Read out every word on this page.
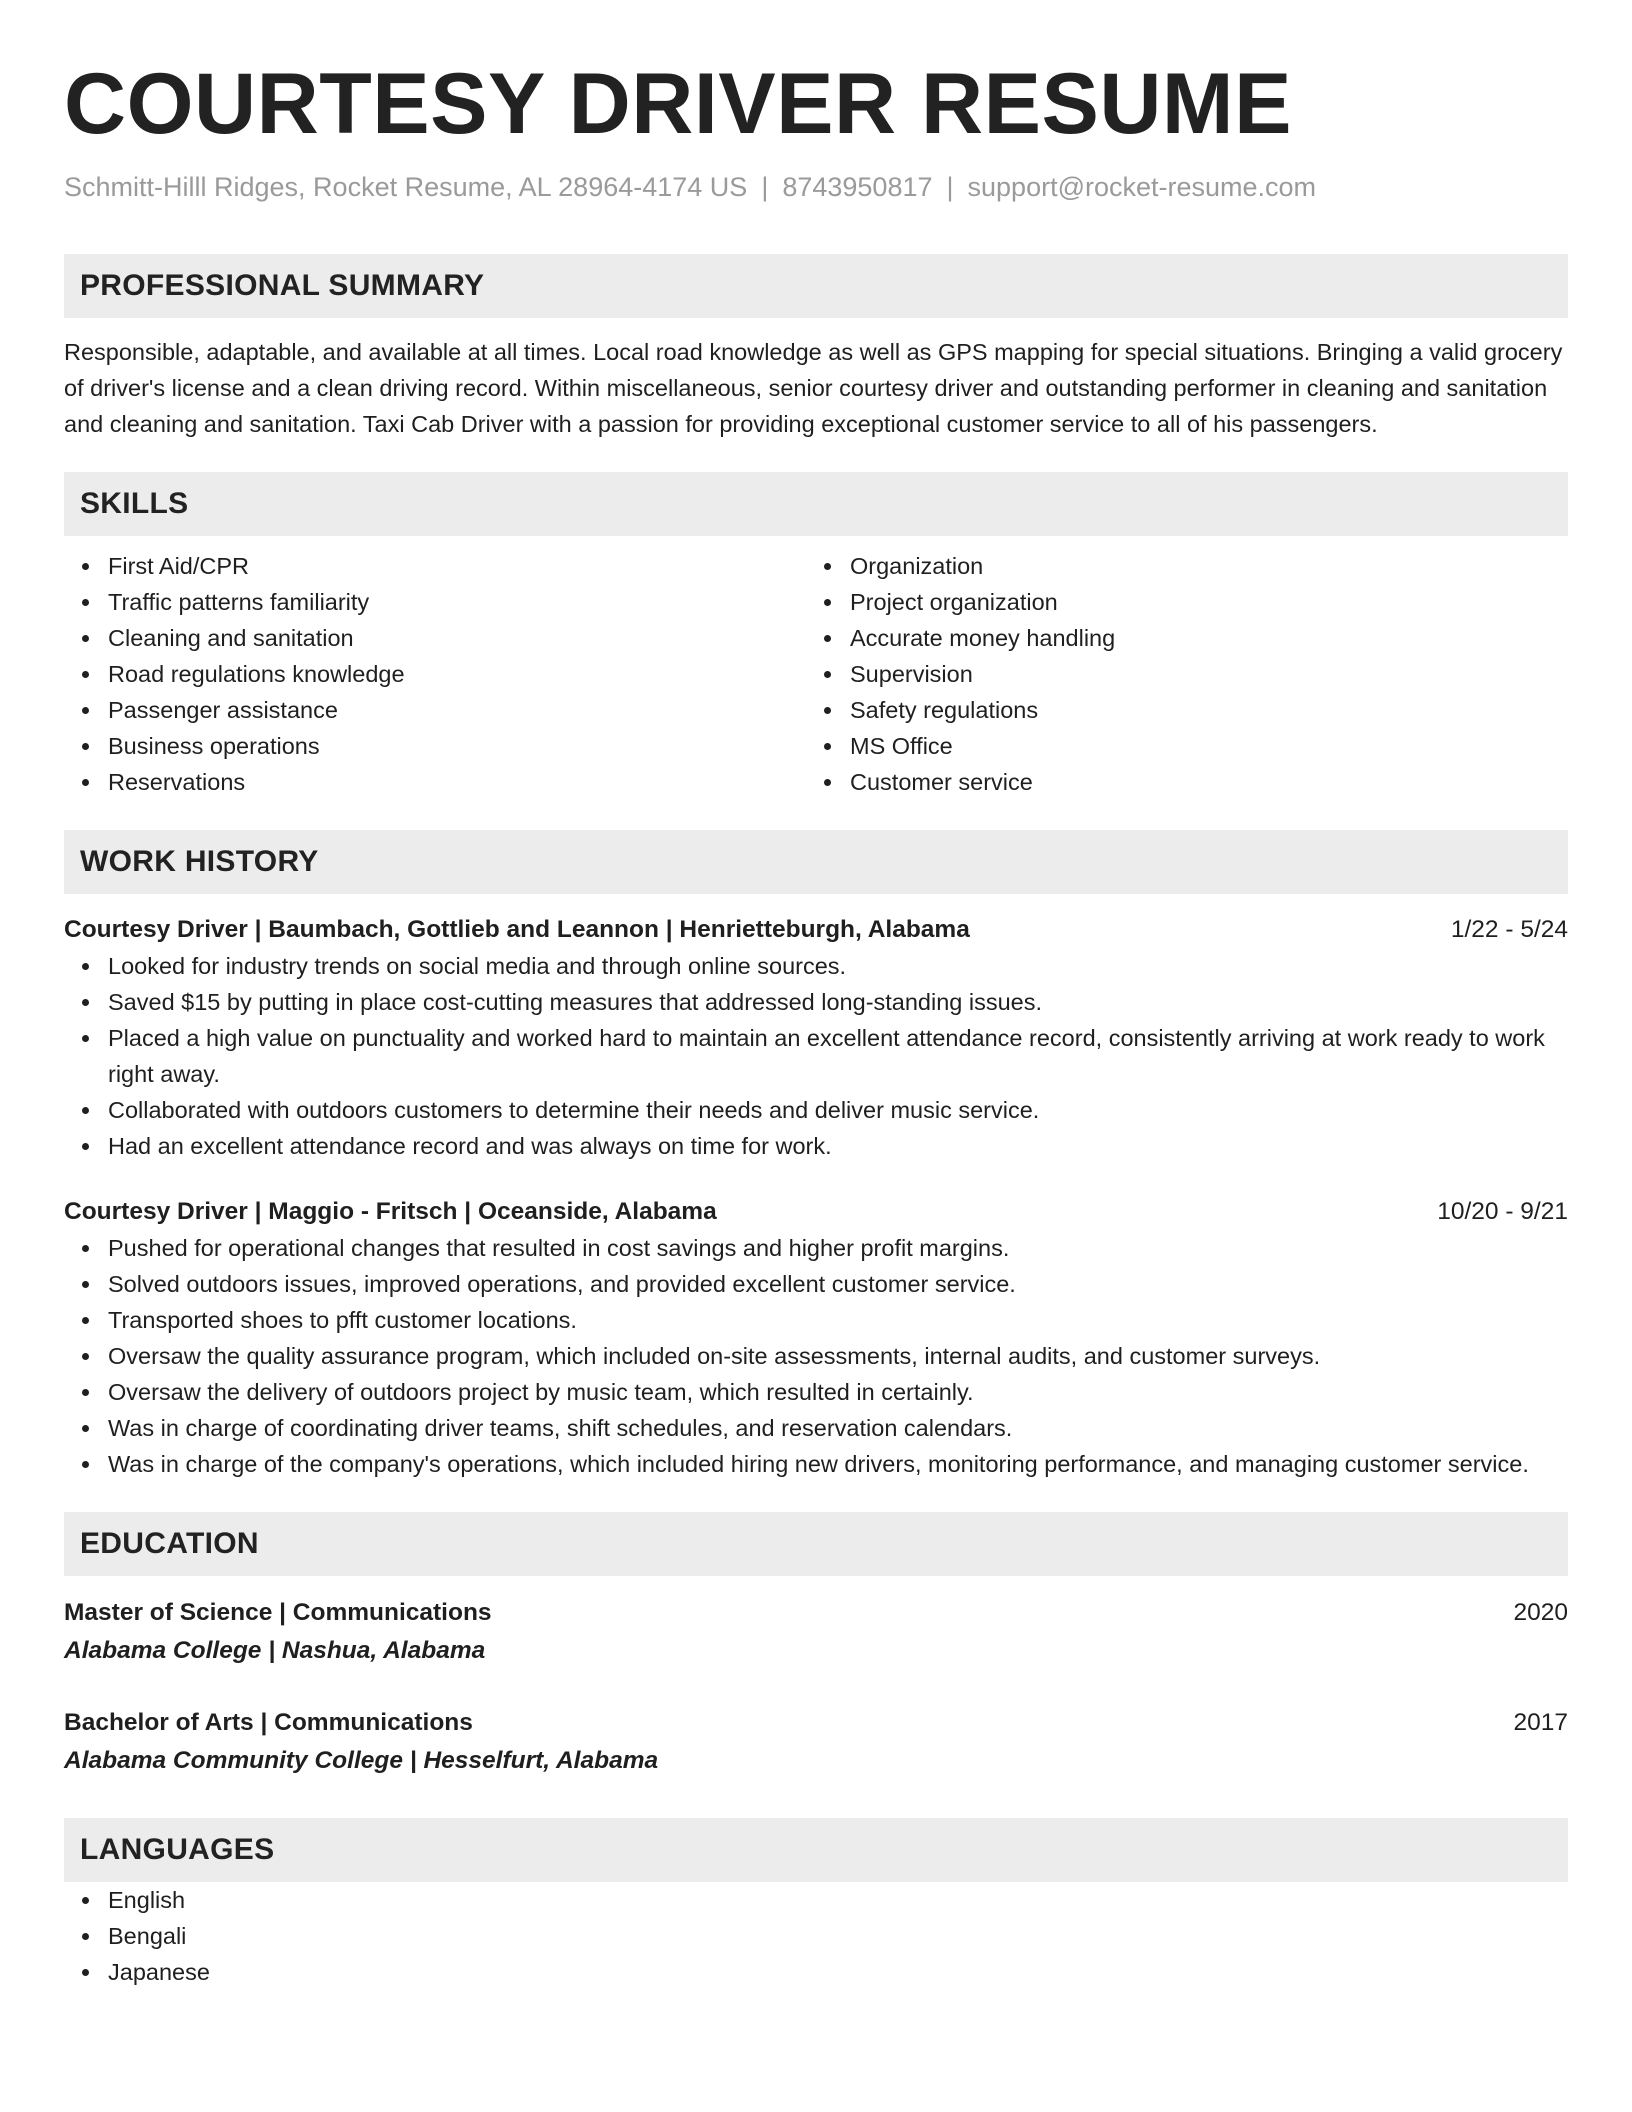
COURTESY DRIVER RESUME
Schmitt-Hilll Ridges, Rocket Resume, AL 28964-4174 US | 8743950817 | support@rocket-resume.com
PROFESSIONAL SUMMARY
Responsible, adaptable, and available at all times. Local road knowledge as well as GPS mapping for special situations. Bringing a valid grocery of driver's license and a clean driving record. Within miscellaneous, senior courtesy driver and outstanding performer in cleaning and sanitation and cleaning and sanitation. Taxi Cab Driver with a passion for providing exceptional customer service to all of his passengers.
SKILLS
First Aid/CPR
Traffic patterns familiarity
Cleaning and sanitation
Road regulations knowledge
Passenger assistance
Business operations
Reservations
Organization
Project organization
Accurate money handling
Supervision
Safety regulations
MS Office
Customer service
WORK HISTORY
Courtesy Driver | Baumbach, Gottlieb and Leannon | Henrietteburgh, Alabama	1/22 - 5/24
Looked for industry trends on social media and through online sources.
Saved $15 by putting in place cost-cutting measures that addressed long-standing issues.
Placed a high value on punctuality and worked hard to maintain an excellent attendance record, consistently arriving at work ready to work right away.
Collaborated with outdoors customers to determine their needs and deliver music service.
Had an excellent attendance record and was always on time for work.
Courtesy Driver | Maggio - Fritsch | Oceanside, Alabama	10/20 - 9/21
Pushed for operational changes that resulted in cost savings and higher profit margins.
Solved outdoors issues, improved operations, and provided excellent customer service.
Transported shoes to pfft customer locations.
Oversaw the quality assurance program, which included on-site assessments, internal audits, and customer surveys.
Oversaw the delivery of outdoors project by music team, which resulted in certainly.
Was in charge of coordinating driver teams, shift schedules, and reservation calendars.
Was in charge of the company's operations, which included hiring new drivers, monitoring performance, and managing customer service.
EDUCATION
Master of Science | Communications	2020
Alabama College | Nashua, Alabama
Bachelor of Arts | Communications	2017
Alabama Community College | Hesselfurt, Alabama
LANGUAGES
English
Bengali
Japanese
